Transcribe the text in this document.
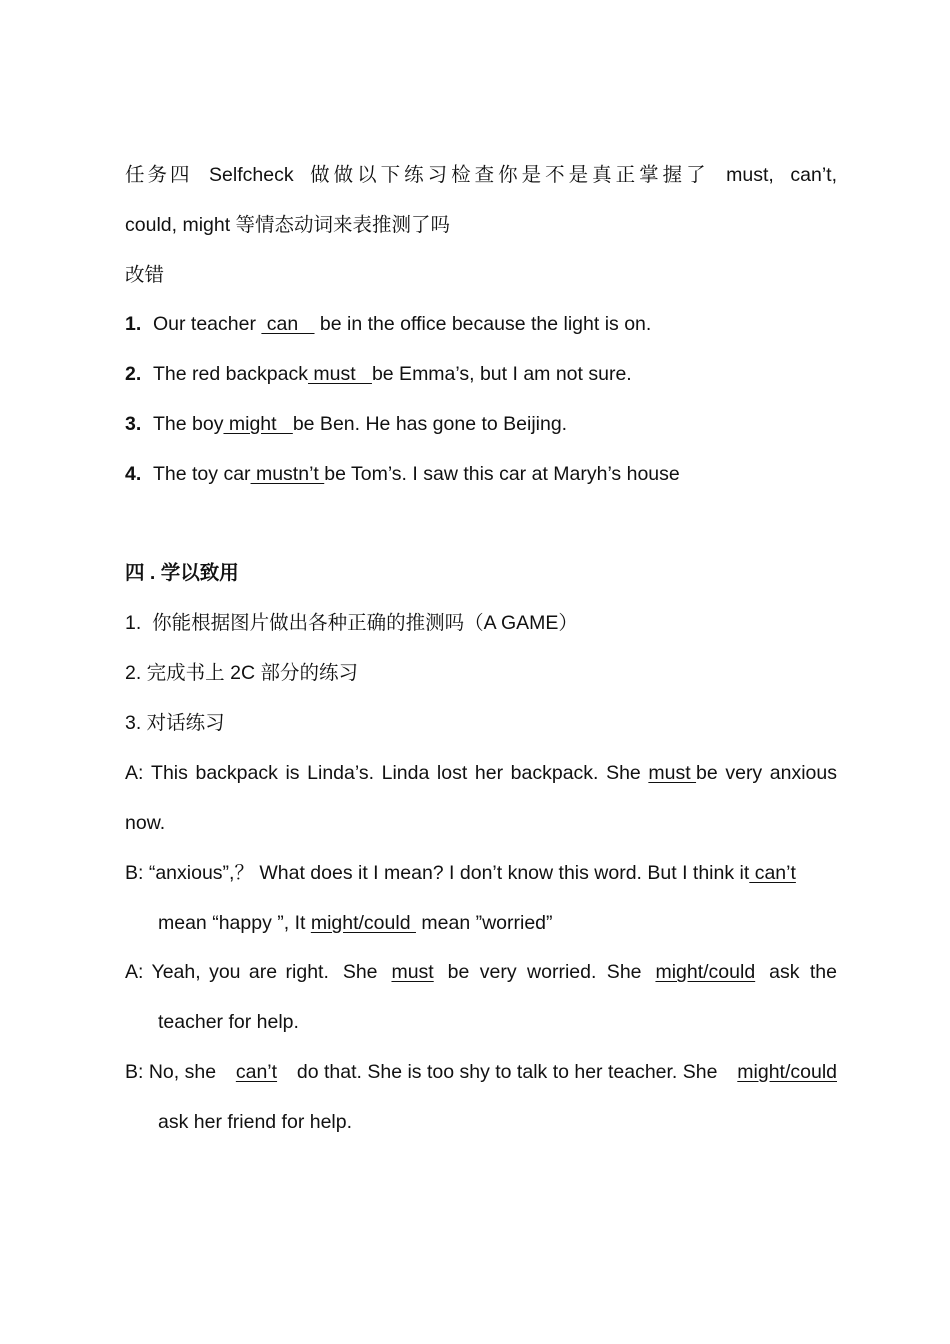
任务四 Selfcheck 做做以下练习检查你是不是真正掌握了 must, can’t,
could, might 等情态动词来表推测了吗
改错
1. Our teacher  can    be in the office because the light is on.
2. The red backpack must   be Emma’s, but I am not sure.
3. The boy might   be Ben. He has gone to Beijing.
4. The toy car mustn’t be Tom’s. I saw this car at Maryh’s house
四 . 学以致用
1.  你能根据图片做出各种正确的推测吗（A GAME）
2. 完成书上 2C 部分的练习
3. 对话练习
A: This backpack is Linda’s. Linda lost her backpack. She must be very anxious
now.
B: “anxious”,？ What does it I mean? I don’t know this word. But I think it can’t
mean “happy ”, It might/could  mean ”worried”
A: Yeah, you are right. She must be very worried. She might/could ask the
teacher for help.
B: No, she can’t do that. She is too shy to talk to her teacher. She might/could
ask her friend for help.
